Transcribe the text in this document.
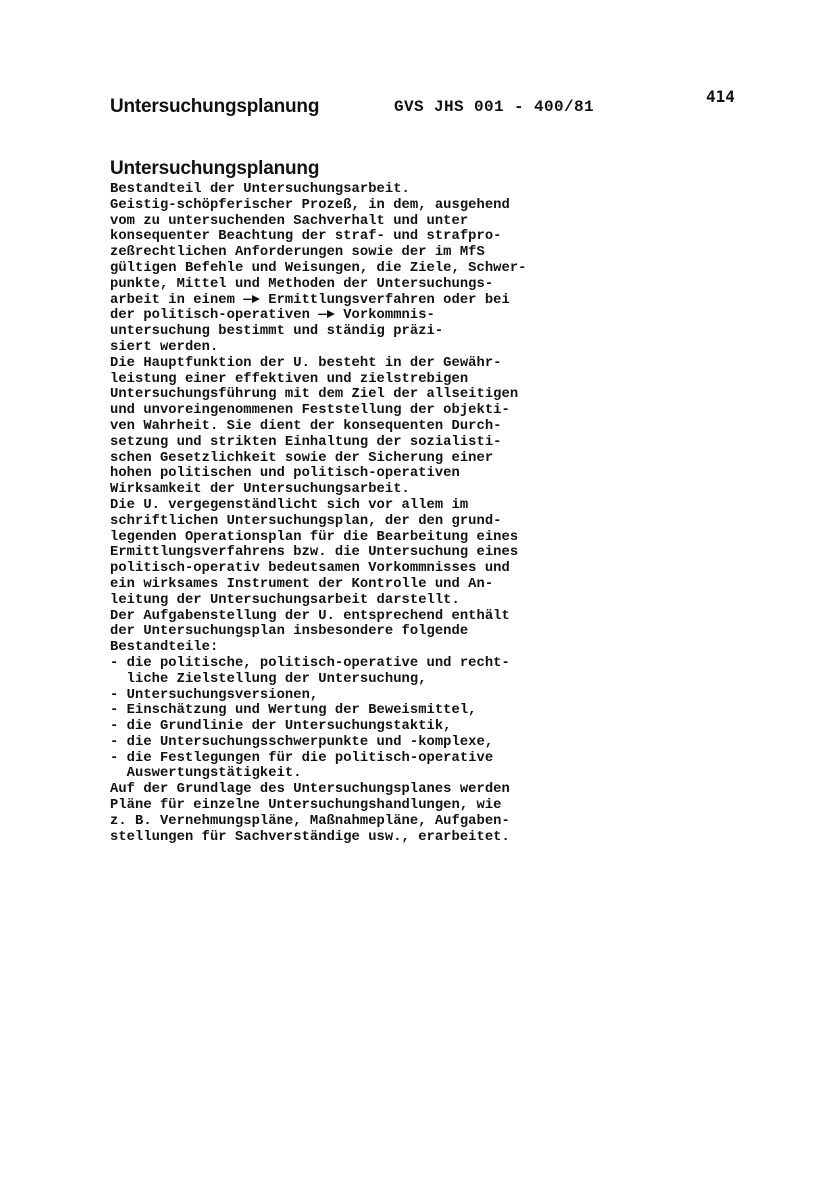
Untersuchungsplanung	GVS JHS 001 - 400/81
414
Untersuchungsplanung
Bestandteil der Untersuchungsarbeit.
Geistig-schöpferischer Prozeß, in dem, ausgehend
vom zu untersuchenden Sachverhalt und unter
konsequenter Beachtung der straf- und strafpro-
zeßrechtlichen Anforderungen sowie der im MfS
gültigen Befehle und Weisungen, die Ziele, Schwer-
punkte, Mittel und Methoden der Untersuchungs-
arbeit in einem —► Ermittlungsverfahren oder bei
der politisch-operativen —► Vorkommnis-
untersuchung bestimmt und ständig präzi-
siert werden.
Die Hauptfunktion der U. besteht in der Gewähr-
leistung einer effektiven und zielstrebigen
Untersuchungsführung mit dem Ziel der allseitigen
und unvoreingenommenen Feststellung der objekti-
ven Wahrheit. Sie dient der konsequenten Durch-
setzung und strikten Einhaltung der sozialisti-
schen Gesetzlichkeit sowie der Sicherung einer
hohen politischen und politisch-operativen
Wirksamkeit der Untersuchungsarbeit.
Die U. vergegenständlicht sich vor allem im
schriftlichen Untersuchungsplan, der den grund-
legenden Operationsplan für die Bearbeitung eines
Ermittlungsverfahrens bzw. die Untersuchung eines
politisch-operativ bedeutsamen Vorkommnisses und
ein wirksames Instrument der Kontrolle und An-
leitung der Untersuchungsarbeit darstellt.
Der Aufgabenstellung der U. entsprechend enthält
der Untersuchungsplan insbesondere folgende
Bestandteile:
- die politische, politisch-operative und recht-
liche Zielstellung der Untersuchung,
- Untersuchungsversionen,
- Einschätzung und Wertung der Beweismittel,
- die Grundlinie der Untersuchungstaktik,
- die Untersuchungsschwerpunkte und -komplexe,
- die Festlegungen für die politisch-operative
Auswertungstätigkeit.
Auf der Grundlage des Untersuchungsplanes werden
Pläne für einzelne Untersuchungshandlungen, wie
z. B. Vernehmungspläne, Maßnahmepläne, Aufgaben-
stellungen für Sachverständige usw., erarbeitet.
